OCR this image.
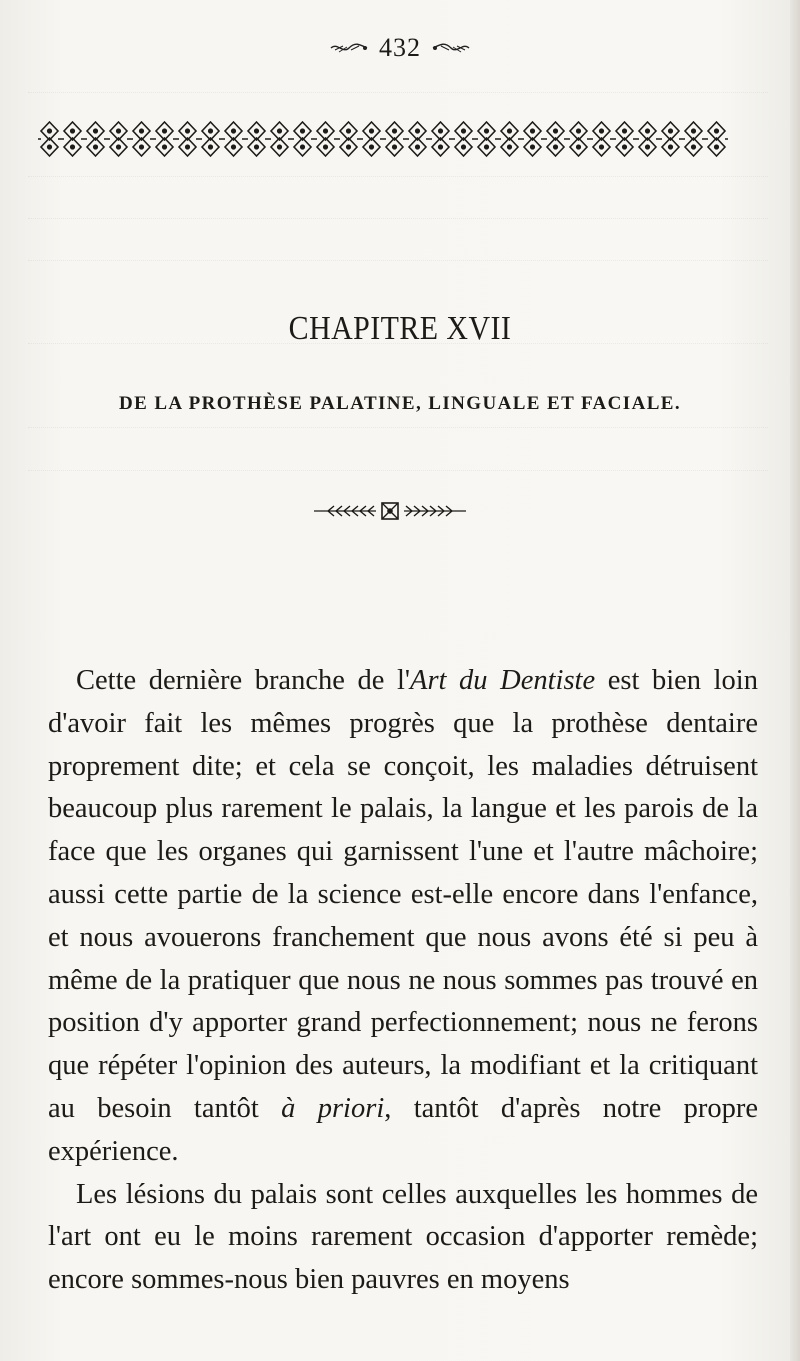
432
CHAPITRE XVII
DE LA PROTHÈSE PALATINE, LINGUALE ET FACIALE.

Cette dernière branche de l'Art du Dentiste est bien loin d'avoir fait les mêmes progrès que la prothèse dentaire proprement dite; et cela se conçoit, les maladies détruisent beaucoup plus rarement le palais, la langue et les parois de la face que les organes qui garnissent l'une et l'autre mâchoire; aussi cette partie de la science est-elle encore dans l'enfance, et nous avouerons franchement que nous avons été si peu à même de la pratiquer que nous ne nous sommes pas trouvé en position d'y apporter grand perfectionnement; nous ne ferons que répéter l'opinion des auteurs, la modifiant et la critiquant au besoin tantôt à priori, tantôt d'après notre propre expérience.

Les lésions du palais sont celles auxquelles les hommes de l'art ont eu le moins rarement occasion d'apporter remède; encore sommes-nous bien pauvres en moyens
